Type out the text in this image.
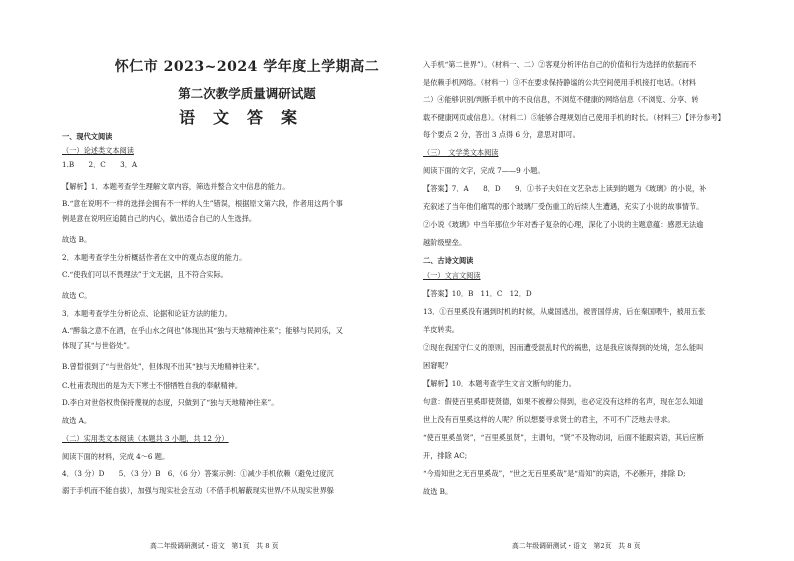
怀仁市 2023~2024 学年度上学期高二
第二次教学质量调研试题
语文答案
一、现代文阅读
（一）论述类文本阅读
1.B　　2．C　　3．A
【解析】1．本题考查学生理解文章内容，筛选并整合文中信息的能力。
B.“意在说明不一样的选择会拥有不一样的人生”错误，根据原文第六段，作者用这两个事
例是意在说明应追随自己的内心，做出适合自己的人生选择。
故选 B。
2．本题考查学生分析概括作者在文中的观点态度的能力。
C.“使我们可以不畏理法”于文无据，且不符合实际。
故选 C。
3．本题考查学生分析论点、论据和论证方法的能力。
A.“醉翁之意不在酒，在乎山水之间也”体现出其“独与天地精神往来”；能够与民同乐，又
体现了其“与世俗处”。
B.曾晳很到了“与世俗处”，但体现不出其“独与天地精神往来”。
C.杜甫表现出的是为天下寒士不惜牺牲自我的奉献精神。
D.李白对世俗权贵保持蔑视的态度，只做到了“独与天地精神往来”。
故选 A。
（二）实用类文本阅读（本题共 3 小题，共 12 分）
阅读下面的材料，完成 4～6 题。
4．（3 分）D　　5．（3 分）B　6．（6 分）答案示例：①减少手机依赖（避免过度沉
溺于手机而不能自拔），加强与现实社会互动（不借手机解蔽现实世界/不从现实世界躲
入手机“第二世界”）。（材料一、二）②客观分析评估自己的价值和行为选择的依据而不
是依赖手机网络。（材料一）③不在要求保持静谧的公共空间使用手机接打电话。（材料
二）④能够识别/判断手机中的不良信息，不浏览不健康的网络信息（不浏览、分享、转
载不健康网页或信息）。（材料二）⑤能够合理规划自己使用手机的时长。（材料三）【评分参考】
每个要点 2 分，答出 3 点得 6 分，意思对即可。
（三）　文学类文本阅读
阅读下面的文字，完成 7——9 小题。
【答案】7．A　　8．D　　9．①书子夫妇在文艺杂志上读到的题为《玻璃》的小说，补
充叙述了当年他们痛骂的那个玻璃厂受伤重工的后续人生遭遇，充实了小说的故事情节。
②小说《玻璃》中当年那位少年对香子复杂的心理，深化了小说的主题意蕴：感恩无法逾
越阶级壁垒。
二、古诗文阅读
（一）文言文阅读
【答案】10．B　11．C　12．D
13．①百里奚没有遇到时机的时候，从虞国逃出，被晋国俘虏，后在秦国喂牛，被用五张
羊皮转卖。
②现在我国守仁义的原则，因而遭受混乱时代的祸患，这是我应该得到的处境，怎么能叫
困窘呢？
【解析】10．本题考查学生文言文断句的能力。
句意：假使百里奚即使贤德，如果不被穆公得到，也必定没有这样的名声，现在怎么知道
世上没有百里奚这样的人呢？所以想要寻求贤士的君主，不可不广泛地去寻求。
“使百里奚虽贤”，“百里奚虽贤”，主谓句，“贤”不及物动词，后面不能跟宾语，其后应断
开，排除 AC;
“今焉知世之无百里奚哉”，“世之无百里奚哉”是“焉知”的宾语，不必断开，排除 D;
故选 B。
高二年级调研测试・语文　第1页　共 8 页	高二年级调研测试・语文　第2页　共 8 页
